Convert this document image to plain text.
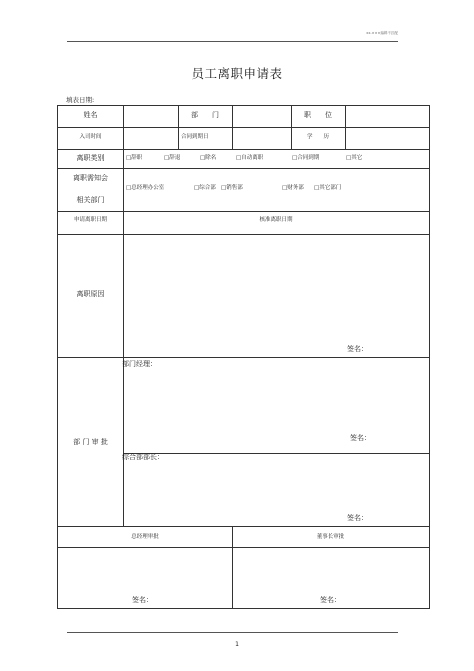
xx-×××编辑不匹配
员工离职申请表
填表日期:
姓名	部　　门	职　　位
入司时间	合同到期日	学　　历
离职类别	□辞职	□辞退	□除名	□自动离职	□合同到期	□其它
离职需知会
相关部门
□总经理办公室	□综合部 □销售部	□财务部 □其它部门
申请离职日期	核准离职日期
离职原因
签名：
部 门 审 批
部门经理：
签名：
综合部部长：
签名：
总经理审批	董事长审批
签名：	签名：
1
